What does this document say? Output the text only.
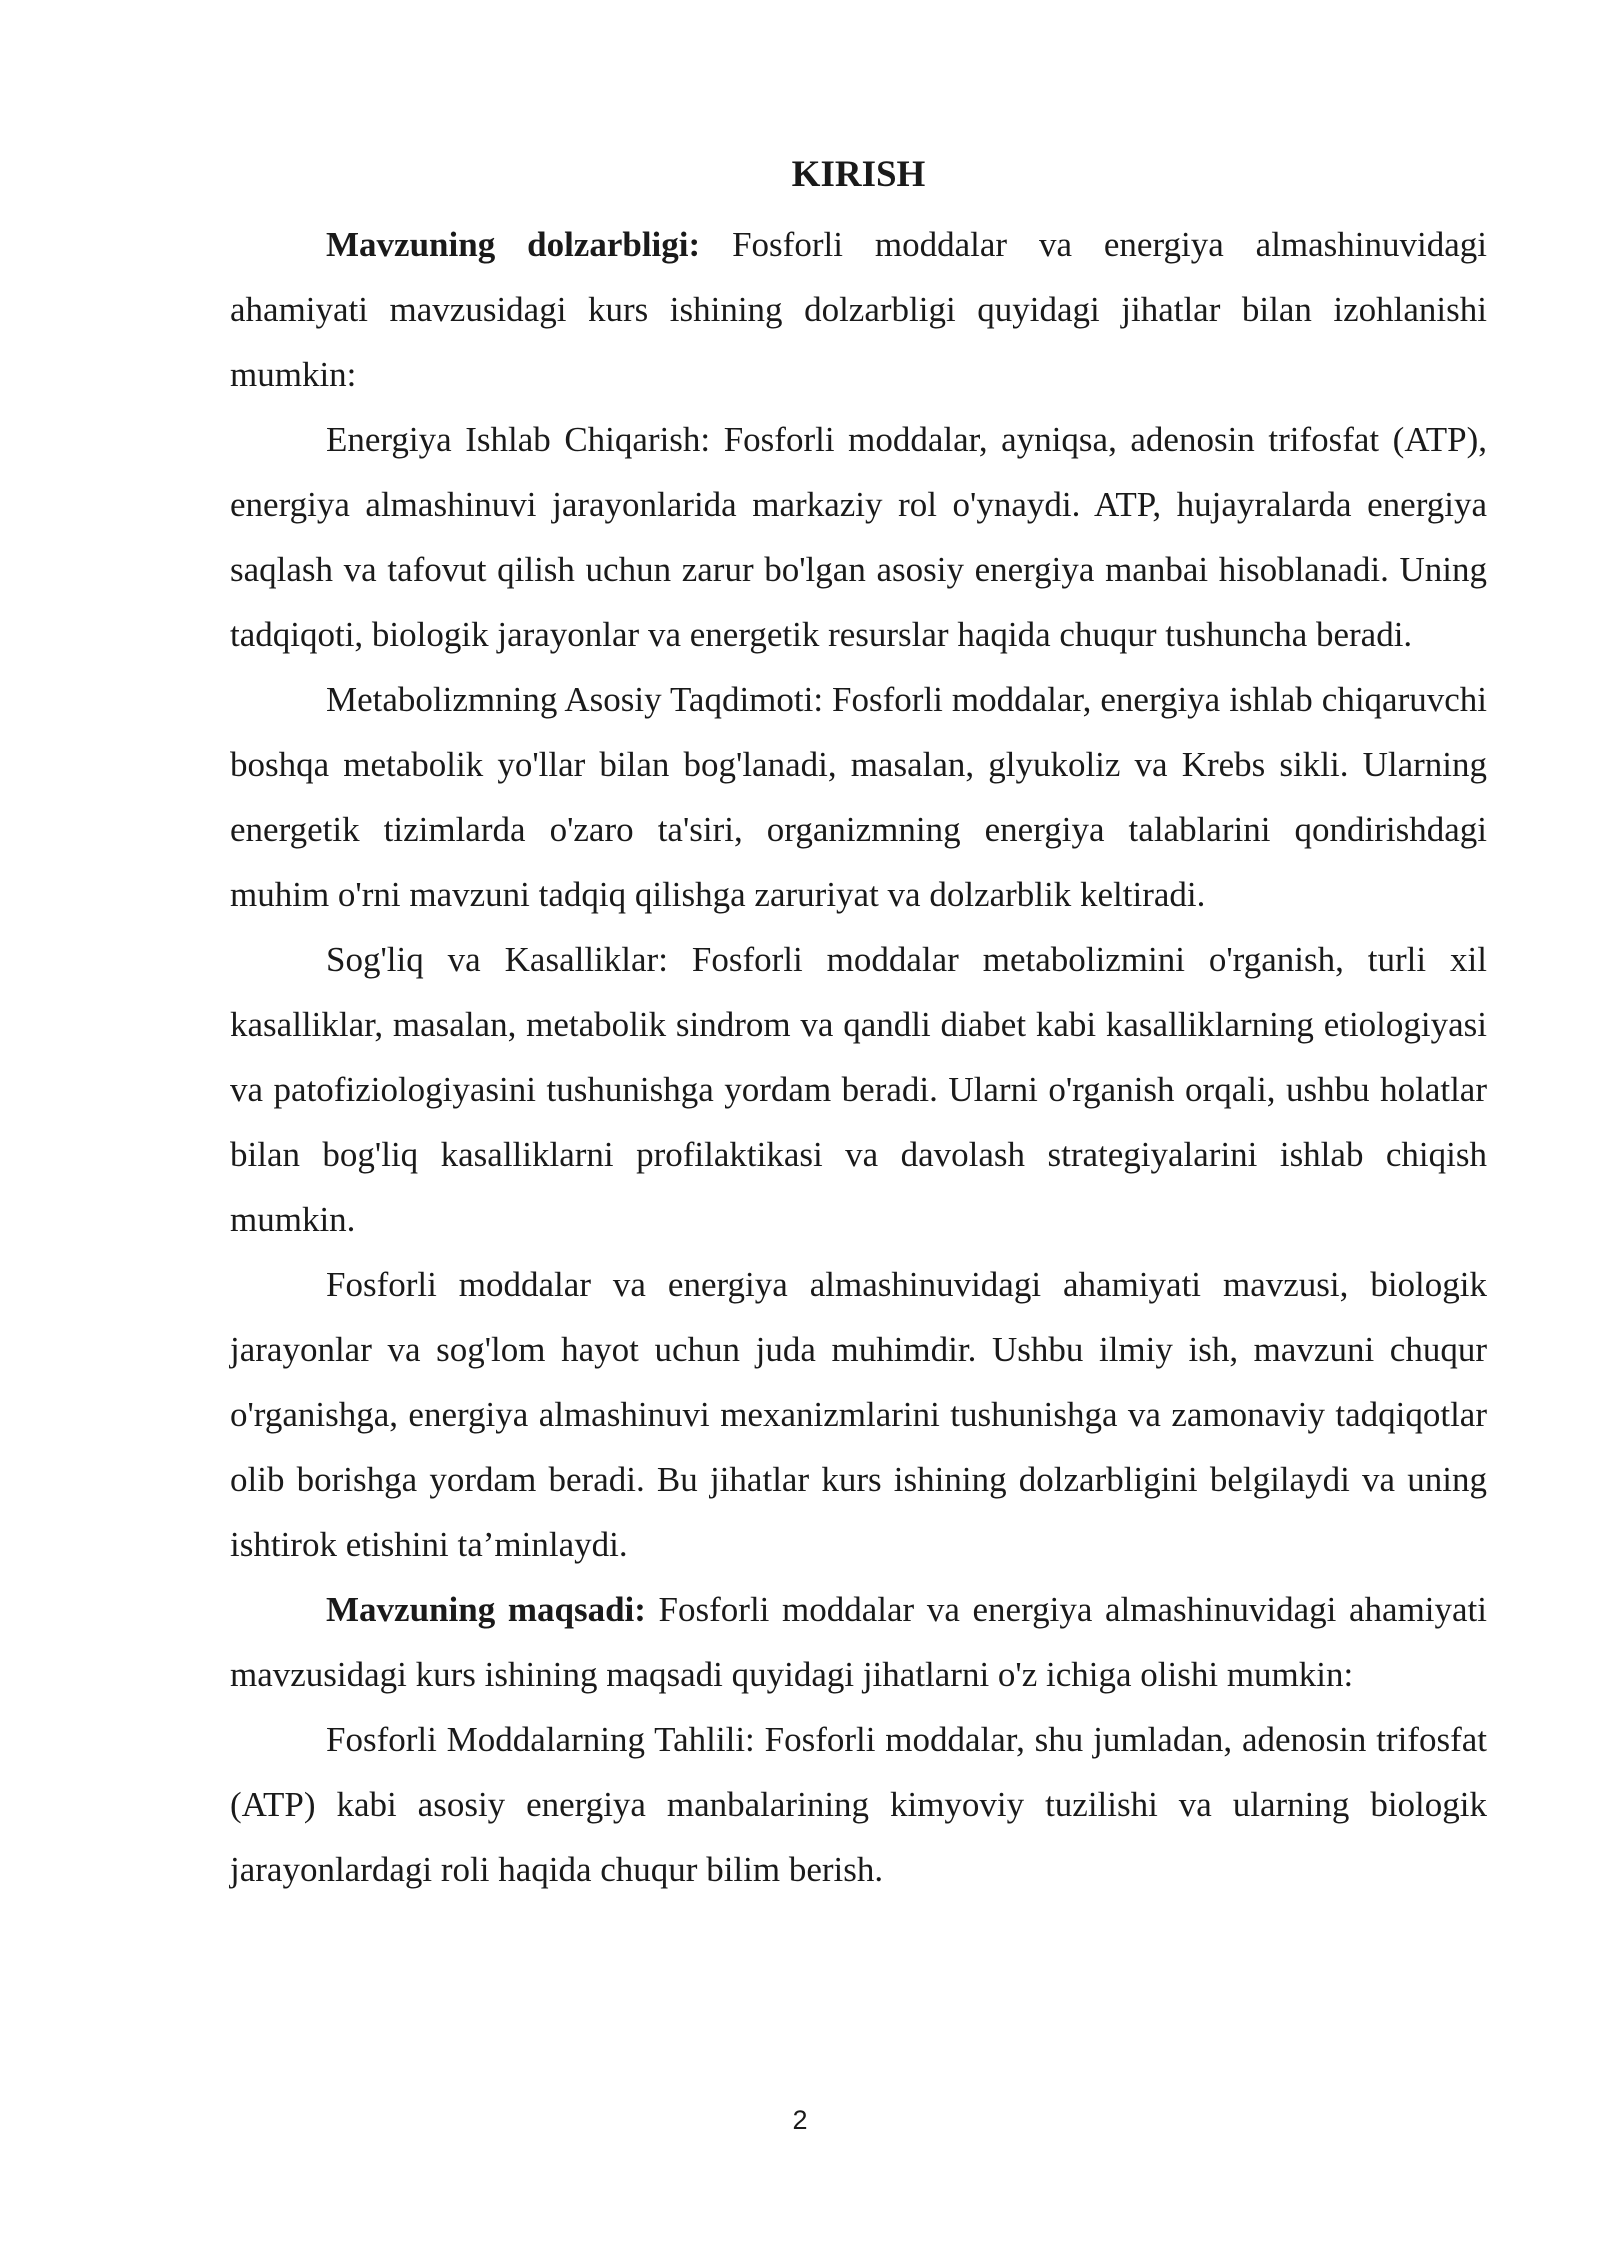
KIRISH

Mavzuning dolzarbligi: Fosforli moddalar va energiya almashinuvidagi ahamiyati mavzusidagi kurs ishining dolzarbligi quyidagi jihatlar bilan izohlanishi mumkin:

Energiya Ishlab Chiqarish: Fosforli moddalar, ayniqsa, adenosin trifosfat (ATP), energiya almashinuvi jarayonlarida markaziy rol o'ynaydi. ATP, hujayralarda energiya saqlash va tafovut qilish uchun zarur bo'lgan asosiy energiya manbai hisoblanadi. Uning tadqiqoti, biologik jarayonlar va energetik resurslar haqida chuqur tushuncha beradi.

Metabolizmning Asosiy Taqdimoti: Fosforli moddalar, energiya ishlab chiqaruvchi boshqa metabolik yo'llar bilan bog'lanadi, masalan, glyukoliz va Krebs sikli. Ularning energetik tizimlarda o'zaro ta'siri, organizmning energiya talablarini qondirishdagi muhim o'rni mavzuni tadqiq qilishga zaruriyat va dolzarblik keltiradi.

Sog'liq va Kasalliklar: Fosforli moddalar metabolizmini o'rganish, turli xil kasalliklar, masalan, metabolik sindrom va qandli diabet kabi kasalliklarning etiologiyasi va patofiziologiyasini tushunishga yordam beradi. Ularni o'rganish orqali, ushbu holatlar bilan bog'liq kasalliklarni profilaktikasi va davolash strategiyalarini ishlab chiqish mumkin.

Fosforli moddalar va energiya almashinuvidagi ahamiyati mavzusi, biologik jarayonlar va sog'lom hayot uchun juda muhimdir. Ushbu ilmiy ish, mavzuni chuqur o'rganishga, energiya almashinuvi mexanizmlarini tushunishga va zamonaviy tadqiqotlar olib borishga yordam beradi. Bu jihatlar kurs ishining dolzarbligini belgilaydi va uning ishtirok etishini ta’minlaydi.

Mavzuning maqsadi: Fosforli moddalar va energiya almashinuvidagi ahamiyati mavzusidagi kurs ishining maqsadi quyidagi jihatlarni o'z ichiga olishi mumkin:

Fosforli Moddalarning Tahlili: Fosforli moddalar, shu jumladan, adenosin trifosfat (ATP) kabi asosiy energiya manbalarining kimyoviy tuzilishi va ularning biologik jarayonlardagi roli haqida chuqur bilim berish.

2
